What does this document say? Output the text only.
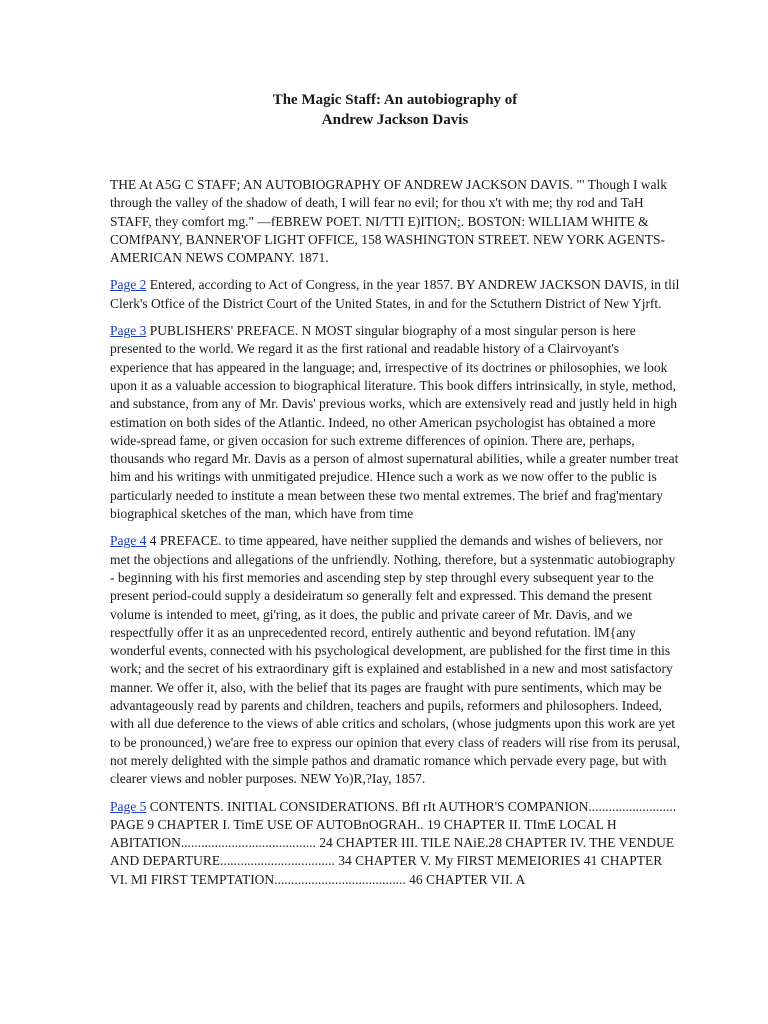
The Magic Staff: An autobiography of
Andrew Jackson Davis

THE At A5G C STAFF; AN AUTOBIOGRAPHY OF ANDREW JACKSON DAVIS. "' Though I walk through the valley of the shadow of death, I will fear no evil; for thou x't with me; thy rod and TaH STAFF, they comfort mg." —fEBREW POET. NI/TTI E)ITION;. BOSTON: WILLIAM WHITE & COMfPANY, BANNER'OF LIGHT OFFICE, 158 WASHINGTON STREET. NEW YORK AGENTS-AMERICAN NEWS COMPANY. 1871.

Page 2 Entered, according to Act of Congress, in the year 1857. BY ANDREW JACKSON DAVIS, in tlil Clerk's Otfice of the District Court of the United States, in and for the Sctuthern District of New Yjrft.

Page 3 PUBLISHERS' PREFACE. N MOST singular biography of a most singular person is here presented to the world. We regard it as the first rational and readable history of a Clairvoyant's experience that has appeared in the language; and, irrespective of its doctrines or philosophies, we look upon it as a valuable accession to biographical literature. This book differs intrinsically, in style, method, and substance, from any of Mr. Davis' previous works, which are extensively read and justly held in high estimation on both sides of the Atlantic. Indeed, no other American psychologist has obtained a more wide-spread fame, or given occasion for such extreme differences of opinion. There are, perhaps, thousands who regard Mr. Davis as a person of almost supernatural abilities, while a greater number treat him and his writings with unmitigated prejudice. HIence such a work as we now offer to the public is particularly needed to institute a mean between these two mental extremes. The brief and frag'mentary biographical sketches of the man, which have from time

Page 4 4 PREFACE. to time appeared, have neither supplied the demands and wishes of believers, nor met the objections and allegations of the unfriendly. Nothing, therefore, but a systenmatic autobiography - beginning with his first memories and ascending step by step throughl every subsequent year to the present period-could supply a desideiratum so generally felt and expressed. This demand the present volume is intended to meet, gi'ring, as it does, the public and private career of Mr. Davis, and we respectfully offer it as an unprecedented record, entirely authentic and beyond refutation. lM{any wonderful events, connected with his psychological development, are published for the first time in this work; and the secret of his extraordinary gift is explained and established in a new and most satisfactory manner. We offer it, also, with the belief that its pages are fraught with pure sentiments, which may be advantageously read by parents and children, teachers and pupils, reformers and philosophers. Indeed, with all due deference to the views of able critics and scholars, (whose judgments upon this work are yet to be pronounced,) we'are free to express our opinion that every class of readers will rise from its perusal, not merely delighted with the simple pathos and dramatic romance which pervade every page, but with clearer views and nobler purposes. NEW Yo)R,?Iay, 1857.

Page 5 CONTENTS. INITIAL CONSIDERATIONS. BfI rIt AUTHOR'S COMPANION.......................... PAGE 9 CHAPTER I. TimE USE OF AUTOBnOGRAH.. 19 CHAPTER II. TImE LOCAL H ABITATION........................................ 24 CHAPTER III. TILE NAiE.28 CHAPTER IV. THE VENDUE AND DEPARTURE.................................. 34 CHAPTER V. My FIRST MEMEIORIES 41 CHAPTER VI. MI FIRST TEMPTATION....................................... 46 CHAPTER VII. A
